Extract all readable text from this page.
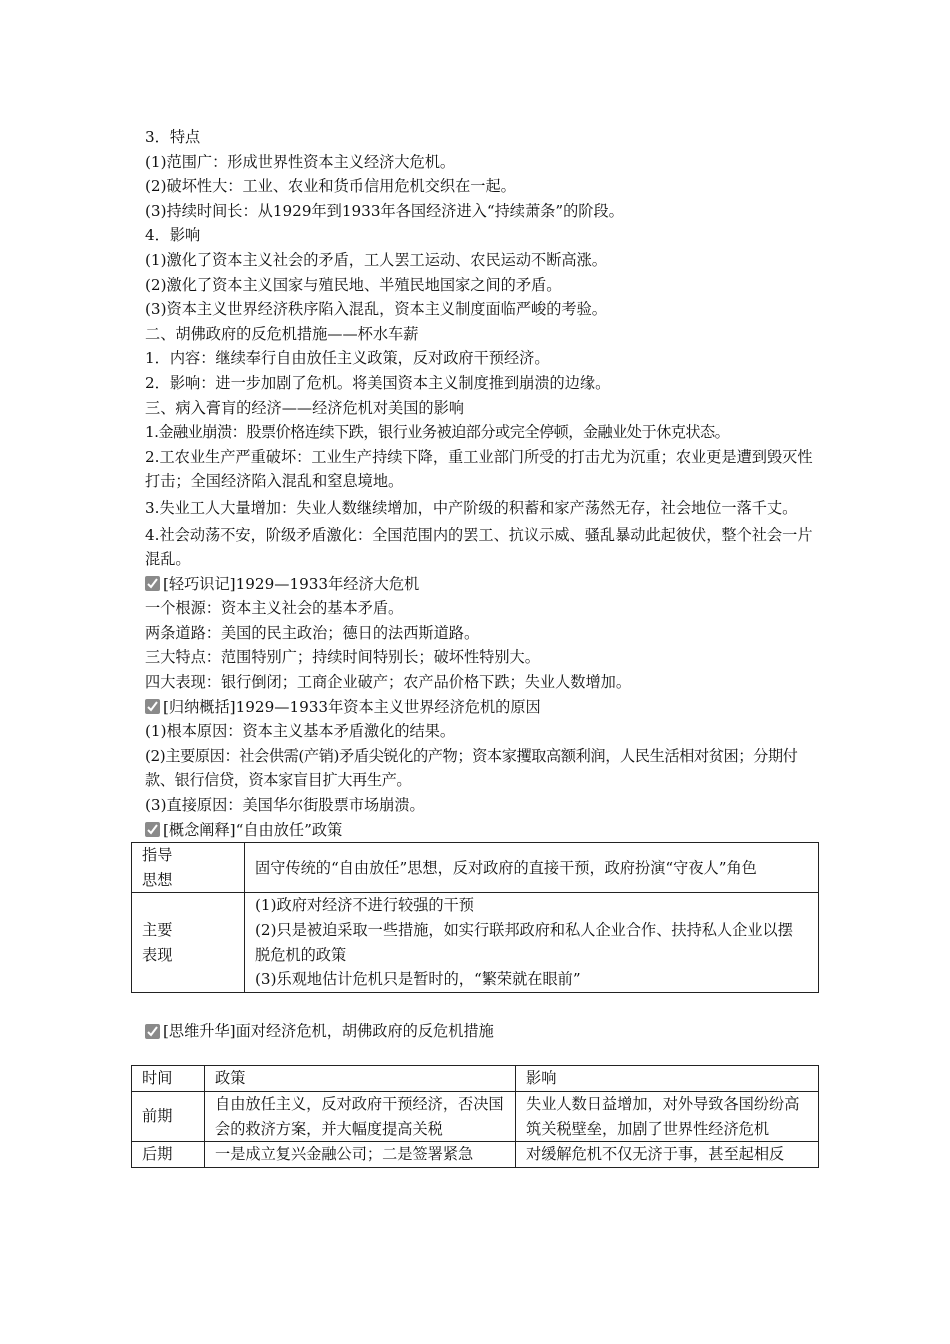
3．特点
(1)范围广：形成世界性资本主义经济大危机。
(2)破坏性大：工业、农业和货币信用危机交织在一起。
(3)持续时间长：从1929年到1933年各国经济进入“持续萧条”的阶段。
4．影响
(1)激化了资本主义社会的矛盾，工人罢工运动、农民运动不断高涨。
(2)激化了资本主义国家与殖民地、半殖民地国家之间的矛盾。
(3)资本主义世界经济秩序陷入混乱，资本主义制度面临严峻的考验。
二、胡佛政府的反危机措施——杯水车薪
1．内容：继续奉行自由放任主义政策，反对政府干预经济。
2．影响：进一步加剧了危机。将美国资本主义制度推到崩溃的边缘。
三、病入膏肓的经济——经济危机对美国的影响
1.金融业崩溃：股票价格连续下跌，银行业务被迫部分或完全停顿，金融业处于休克状态。
2.工农业生产严重破坏：工业生产持续下降，重工业部门所受的打击尤为沉重；农业更是遭到毁灭性打击；全国经济陷入混乱和窒息境地。
3.失业工人大量增加：失业人数继续增加，中产阶级的积蓄和家产荡然无存，社会地位一落千丈。
4.社会动荡不安，阶级矛盾激化：全国范围内的罢工、抗议示威、骚乱暴动此起彼伏，整个社会一片混乱。
[轻巧识记]1929—1933年经济大危机
一个根源：资本主义社会的基本矛盾。
两条道路：美国的民主政治；德日的法西斯道路。
三大特点：范围特别广；持续时间特别长；破坏性特别大。
四大表现：银行倒闭；工商企业破产；农产品价格下跌；失业人数增加。
[归纳概括]1929—1933年资本主义世界经济危机的原因
(1)根本原因：资本主义基本矛盾激化的结果。
(2)主要原因：社会供需(产销)矛盾尖锐化的产物；资本家攫取高额利润，人民生活相对贫困；分期付款、银行信贷，资本家盲目扩大再生产。
(3)直接原因：美国华尔街股票市场崩溃。
[概念阐释]“自由放任”政策
指导思想	固守传统的“自由放任”思想，反对政府的直接干预，政府扮演“守夜人”角色

主要表现	(1)政府对经济不进行较强的干预
(2)只是被迫采取一些措施，如实行联邦政府和私人企业合作、扶持私人企业以摆脱危机的政策
(3)乐观地估计危机只是暂时的，“繁荣就在眼前”
[思维升华]面对经济危机，胡佛政府的反危机措施
时间	政策	影响
前期	自由放任主义，反对政府干预经济，否决国会的救济方案，并大幅度提高关税	失业人数日益增加，对外导致各国纷纷高筑关税壁垒，加剧了世界性经济危机
后期	一是成立复兴金融公司；二是签署紧急	对缓解危机不仅无济于事，甚至起相反
